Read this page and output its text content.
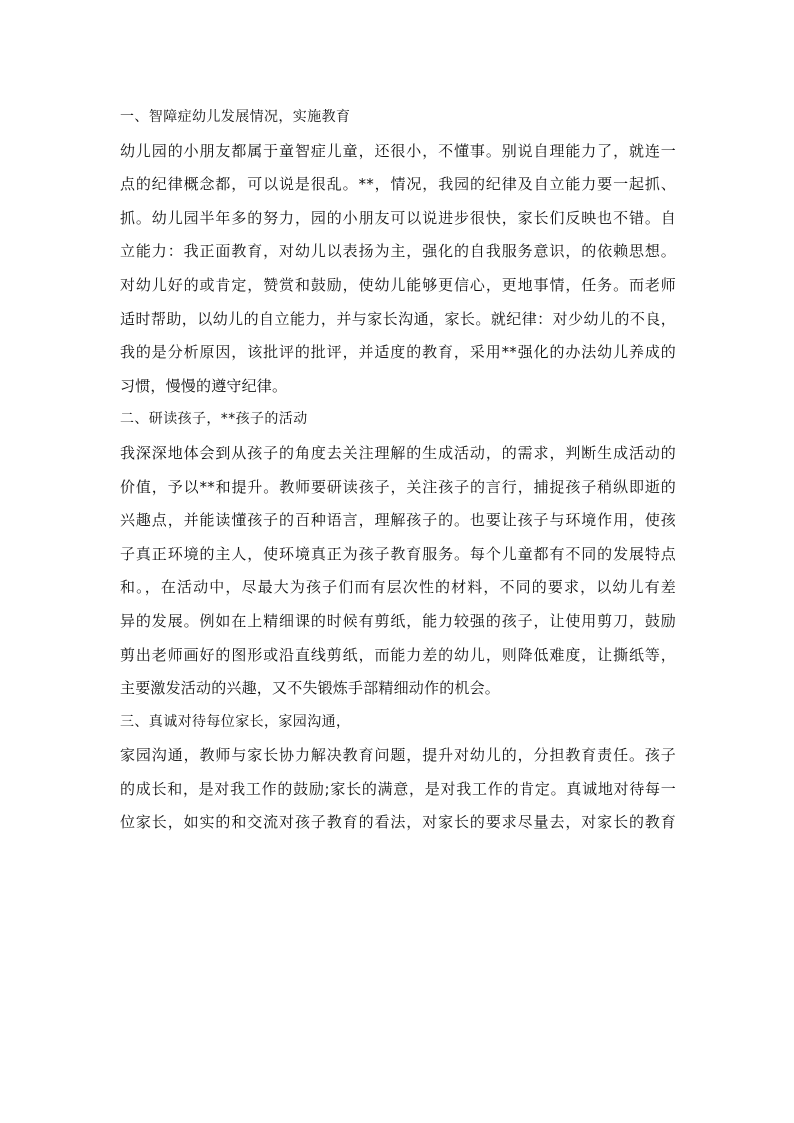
一、智障症幼儿发展情况，实施教育
幼儿园的小朋友都属于童智症儿童，还很小，不懂事。别说自理能力了，就连一
点的纪律概念都，可以说是很乱。**，情况，我园的纪律及自立能力要一起抓、
抓。幼儿园半年多的努力，园的小朋友可以说进步很快，家长们反映也不错。自
立能力：我正面教育，对幼儿以表扬为主，强化的自我服务意识，的依赖思想。
对幼儿好的或肯定，赞赏和鼓励，使幼儿能够更信心，更地事情，任务。而老师
适时帮助，以幼儿的自立能力，并与家长沟通，家长。就纪律：对少幼儿的不良，
我的是分析原因，该批评的批评，并适度的教育，采用**强化的办法幼儿养成的
习惯，慢慢的遵守纪律。
二、研读孩子，**孩子的活动
我深深地体会到从孩子的角度去关注理解的生成活动，的需求，判断生成活动的
价值，予以**和提升。教师要研读孩子，关注孩子的言行，捕捉孩子稍纵即逝的
兴趣点，并能读懂孩子的百种语言，理解孩子的。也要让孩子与环境作用，使孩
子真正环境的主人，使环境真正为孩子教育服务。每个儿童都有不同的发展特点
和。，在活动中，尽最大为孩子们而有层次性的材料，不同的要求，以幼儿有差
异的发展。例如在上精细课的时候有剪纸，能力较强的孩子，让使用剪刀，鼓励
剪出老师画好的图形或沿直线剪纸，而能力差的幼儿，则降低难度，让撕纸等，
主要激发活动的兴趣，又不失锻炼手部精细动作的机会。
三、真诚对待每位家长，家园沟通，
家园沟通，教师与家长协力解决教育问题，提升对幼儿的，分担教育责任。孩子
的成长和，是对我工作的鼓励;家长的满意，是对我工作的肯定。真诚地对待每一
位家长，如实的和交流对孩子教育的看法，对家长的要求尽量去，对家长的教育
